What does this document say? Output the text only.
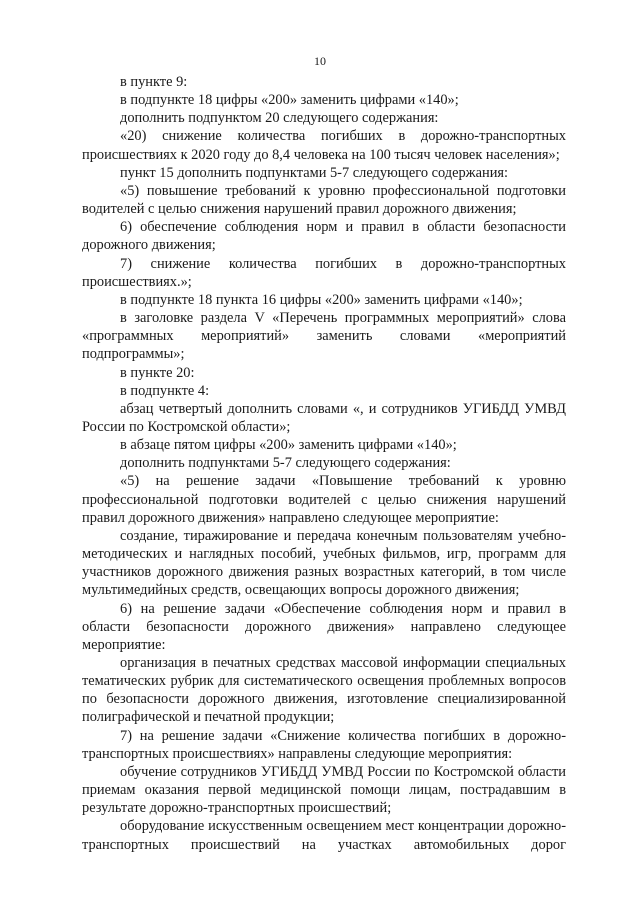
10

в пункте 9:

в подпункте 18 цифры «200» заменить цифрами «140»;

дополнить подпунктом 20 следующего содержания:

«20) снижение количества погибших в дорожно-транспортных происшествиях к 2020 году до 8,4 человека на 100 тысяч человек населения»;

пункт 15 дополнить подпунктами 5-7 следующего содержания:

«5) повышение требований к уровню профессиональной подготовки водителей с целью снижения нарушений правил дорожного движения;

6) обеспечение соблюдения норм и правил в области безопасности дорожного движения;

7) снижение количества погибших в дорожно-транспортных происшествиях.»;

в подпункте 18 пункта 16 цифры «200» заменить цифрами «140»;

в заголовке раздела V «Перечень программных мероприятий» слова «программных мероприятий» заменить словами «мероприятий подпрограммы»;

в пункте 20:

в подпункте 4:

абзац четвертый дополнить словами «, и сотрудников УГИБДД УМВД России по Костромской области»;

в абзаце пятом цифры «200» заменить цифрами «140»;

дополнить подпунктами 5-7 следующего содержания:

«5) на решение задачи «Повышение требований к уровню профессиональной подготовки водителей с целью снижения нарушений правил дорожного движения» направлено следующее мероприятие:

создание, тиражирование и передача конечным пользователям учебно-методических и наглядных пособий, учебных фильмов, игр, программ для участников дорожного движения разных возрастных категорий, в том числе мультимедийных средств, освещающих вопросы дорожного движения;

6) на решение задачи «Обеспечение соблюдения норм и правил в области безопасности дорожного движения» направлено следующее мероприятие:

организация в печатных средствах массовой информации специальных тематических рубрик для систематического освещения проблемных вопросов по безопасности дорожного движения, изготовление специализированной полиграфической и печатной продукции;

7) на решение задачи «Снижение количества погибших в дорожно-транспортных происшествиях» направлены следующие мероприятия:

обучение сотрудников УГИБДД УМВД России по Костромской области приемам оказания первой медицинской помощи лицам, пострадавшим в результате дорожно-транспортных происшествий;

оборудование искусственным освещением мест концентрации дорожно-транспортных происшествий на участках автомобильных дорог
